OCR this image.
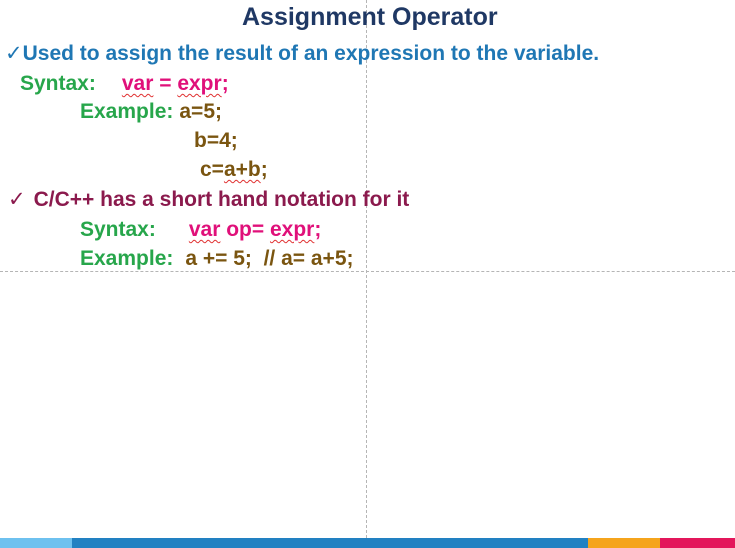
Assignment Operator
✓Used to assign the result of an expression to the variable.
Syntax: var = expr;
Example: a=5;
b=4;
c=a+b;
✓ C/C++ has a short hand notation for it
Syntax: var op= expr;
Example: a += 5;  // a= a+5;
